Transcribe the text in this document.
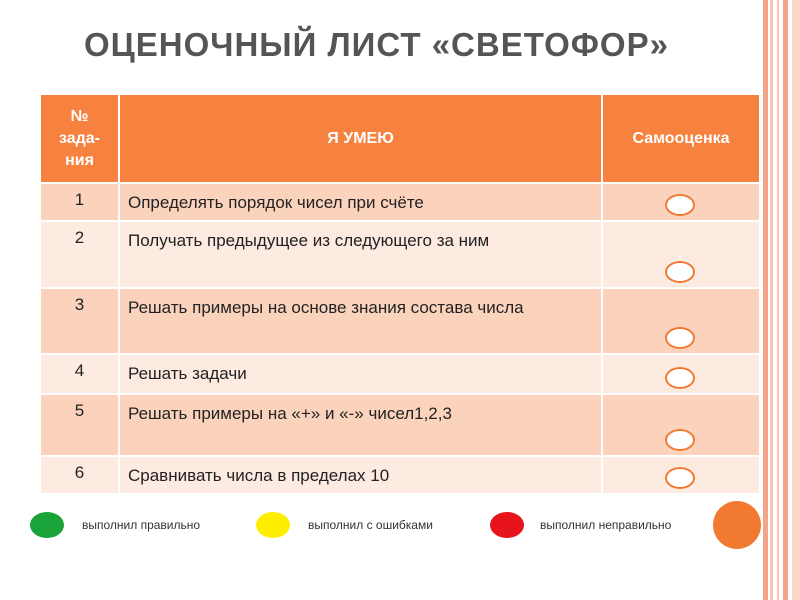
ОЦЕНОЧНЫЙ ЛИСТ «СВЕТОФОР»
№
зада-
ния	Я УМЕЮ	Самооценка
1	Определять порядок чисел при счёте	

2	Получать предыдущее из следующего за ним	

3	Решать примеры на основе знания состава числа	

4	Решать задачи	

5	Решать примеры на «+» и «-» чисел1,2,3	

6	Сравнивать числа в пределах 10	
выполнил правильно	выполнил с ошибками	выполнил неправильно
